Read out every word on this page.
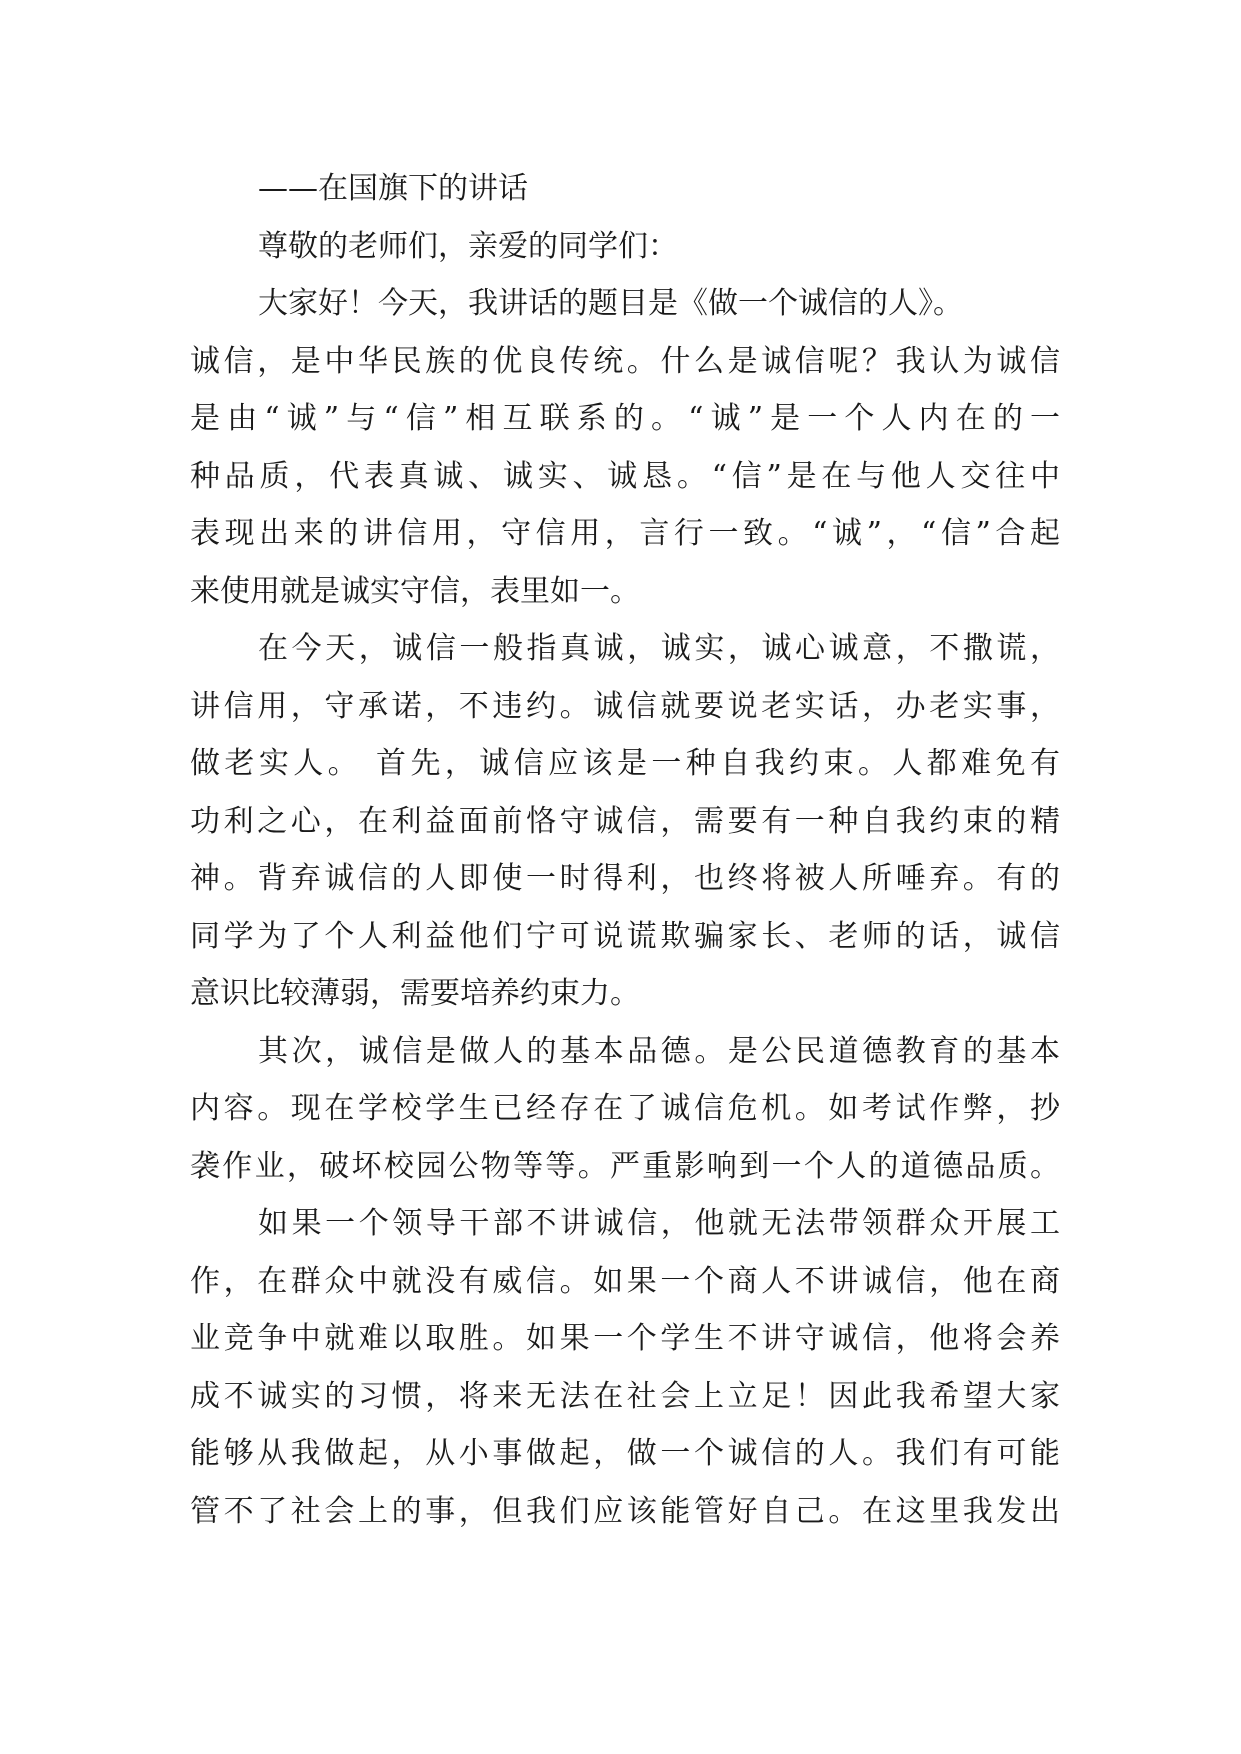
——在国旗下的讲话
尊敬的老师们，亲爱的同学们：
大家好！今天，我讲话的题目是《做一个诚信的人》。
诚信，是中华民族的优良传统。什么是诚信呢？我认为诚信
是由“诚”与“信”相互联系的。“诚”是一个人内在的一
种品质，代表真诚、诚实、诚恳。“信”是在与他人交往中
表现出来的讲信用，守信用，言行一致。“诚”，“信”合起
来使用就是诚实守信，表里如一。
在今天，诚信一般指真诚，诚实，诚心诚意，不撒谎，
讲信用，守承诺，不违约。诚信就要说老实话，办老实事，
做老实人。 首先，诚信应该是一种自我约束。人都难免有
功利之心，在利益面前恪守诚信，需要有一种自我约束的精
神。背弃诚信的人即使一时得利，也终将被人所唾弃。有的
同学为了个人利益他们宁可说谎欺骗家长、老师的话，诚信
意识比较薄弱，需要培养约束力。
其次，诚信是做人的基本品德。是公民道德教育的基本
内容。现在学校学生已经存在了诚信危机。如考试作弊，抄
袭作业，破坏校园公物等等。严重影响到一个人的道德品质。
如果一个领导干部不讲诚信，他就无法带领群众开展工
作，在群众中就没有威信。如果一个商人不讲诚信，他在商
业竞争中就难以取胜。如果一个学生不讲守诚信，他将会养
成不诚实的习惯，将来无法在社会上立足！因此我希望大家
能够从我做起，从小事做起，做一个诚信的人。我们有可能
管不了社会上的事，但我们应该能管好自己。在这里我发出
